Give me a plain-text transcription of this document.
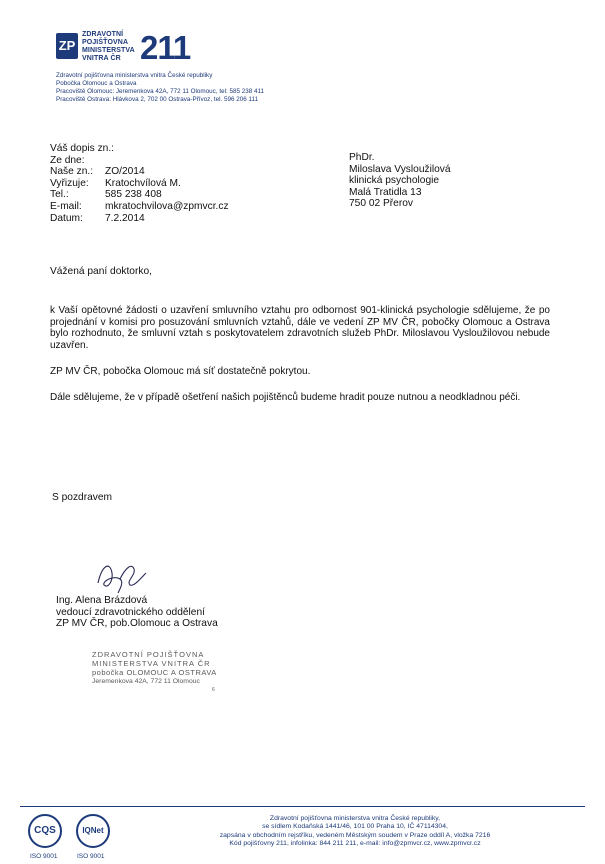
ZP
ZDRAVOTNÍ
POJIŠŤOVNA
MINISTERSTVA
VNITRA ČR 211
Zdravotní pojišťovna ministerstva vnitra České republiky
Pobočka Olomouc a Ostrava
Pracoviště Olomouc: Jeremenkova 42A, 772 11 Olomouc, tel: 585 238 411
Pracoviště Ostrava: Hlávkova 2, 702 00 Ostrava-Přívoz, tel. 596 206 111
Váš dopis zn.:
Ze dne:
Naše zn.:	ZO/2014
Vyřizuje:	Kratochvílová M.
Tel.:	585 238 408
E-mail:	mkratochvilova@zpmvcr.cz
Datum:	7.2.2014
PhDr.
Miloslava Vysloužilová
klinická psychologie
Malá Tratidla 13
750 02 Přerov
Vážená paní doktorko,
k Vaší opětovné žádosti o uzavření smluvního vztahu pro odbornost 901-klinická psychologie sdělujeme, že po projednání v komisi pro posuzování smluvních vztahů, dále ve vedení ZP MV ČR, pobočky Olomouc a Ostrava bylo rozhodnuto, že smluvní vztah s poskytovatelem zdravotních služeb PhDr. Miloslavou Vysloužilovou nebude uzavřen.
ZP MV ČR, pobočka Olomouc má síť dostatečně pokrytou.
Dále sdělujeme, že v případě ošetření našich pojištěnců budeme hradit pouze nutnou a neodkladnou péči.
S pozdravem
Ing. Alena Brázdová
vedoucí zdravotnického oddělení
ZP MV ČR, pob.Olomouc a Ostrava
ZDRAVOTNÍ POJIŠŤOVNA
MINISTERSTVA VNITRA ČR
pobočka OLOMOUC A OSTRAVA
Jeremenkova 42A, 772 11 Olomouc
6
CQS	IQNet
ISO 9001	ISO 9001
Zdravotní pojišťovna ministerstva vnitra České republiky,
se sídlem Kodaňská 1441/46, 101 00 Praha 10, IČ 47114304,
zapsána v obchodním rejstříku, vedeném Městským soudem v Praze oddíl A, vložka 7216
Kód pojišťovny 211, infolinka: 844 211 211, e-mail: info@zpmvcr.cz, www.zpmvcr.cz
